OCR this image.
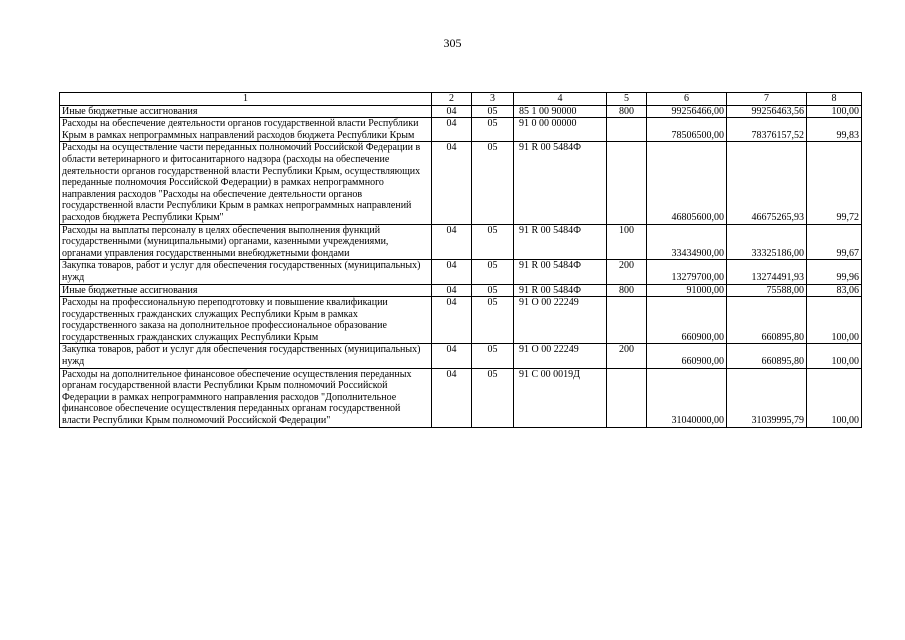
305
1	2	3	4	5	6	7	8
Иные бюджетные ассигнования	04	05	85 1 00 90000	800	99256466,00	99256463,56	100,00
Расходы на обеспечение деятельности органов государственной власти Республики Крым в рамках непрограммных направлений расходов бюджета Республики Крым	04	05	91 0 00 00000		78506500,00	78376157,52	99,83
Расходы на осуществление части переданных полномочий Российской Федерации в области ветеринарного и фитосанитарного надзора (расходы на обеспечение деятельности органов государственной власти Республики Крым, осуществляющих переданные полномочия Российской Федерации) в рамках непрограммного направления расходов "Расходы на обеспечение деятельности органов государственной власти Республики Крым в рамках непрограммных направлений расходов бюджета Республики Крым"	04	05	91 R 00 5484Ф		46805600,00	46675265,93	99,72
Расходы на выплаты персоналу в целях обеспечения выполнения функций государственными (муниципальными) органами, казенными учреждениями, органами управления государственными внебюджетными фондами	04	05	91 R 00 5484Ф	100	33434900,00	33325186,00	99,67
Закупка товаров, работ и услуг для обеспечения государственных (муниципальных) нужд	04	05	91 R 00 5484Ф	200	13279700,00	13274491,93	99,96
Иные бюджетные ассигнования	04	05	91 R 00 5484Ф	800	91000,00	75588,00	83,06
Расходы на профессиональную переподготовку и повышение квалификации государственных гражданских служащих Республики Крым в рамках государственного заказа на дополнительное профессиональное образование государственных гражданских служащих Республики Крым	04	05	91 О 00 22249		660900,00	660895,80	100,00
Закупка товаров, работ и услуг для обеспечения государственных (муниципальных) нужд	04	05	91 О 00 22249	200	660900,00	660895,80	100,00
Расходы на дополнительное финансовое обеспечение осуществления переданных органам государственной власти Республики Крым полномочий Российской Федерации в рамках непрограммного направления расходов "Дополнительное финансовое обеспечение осуществления переданных органам государственной власти Республики Крым полномочий Российской Федерации"	04	05	91 С 00 0019Д		31040000,00	31039995,79	100,00
